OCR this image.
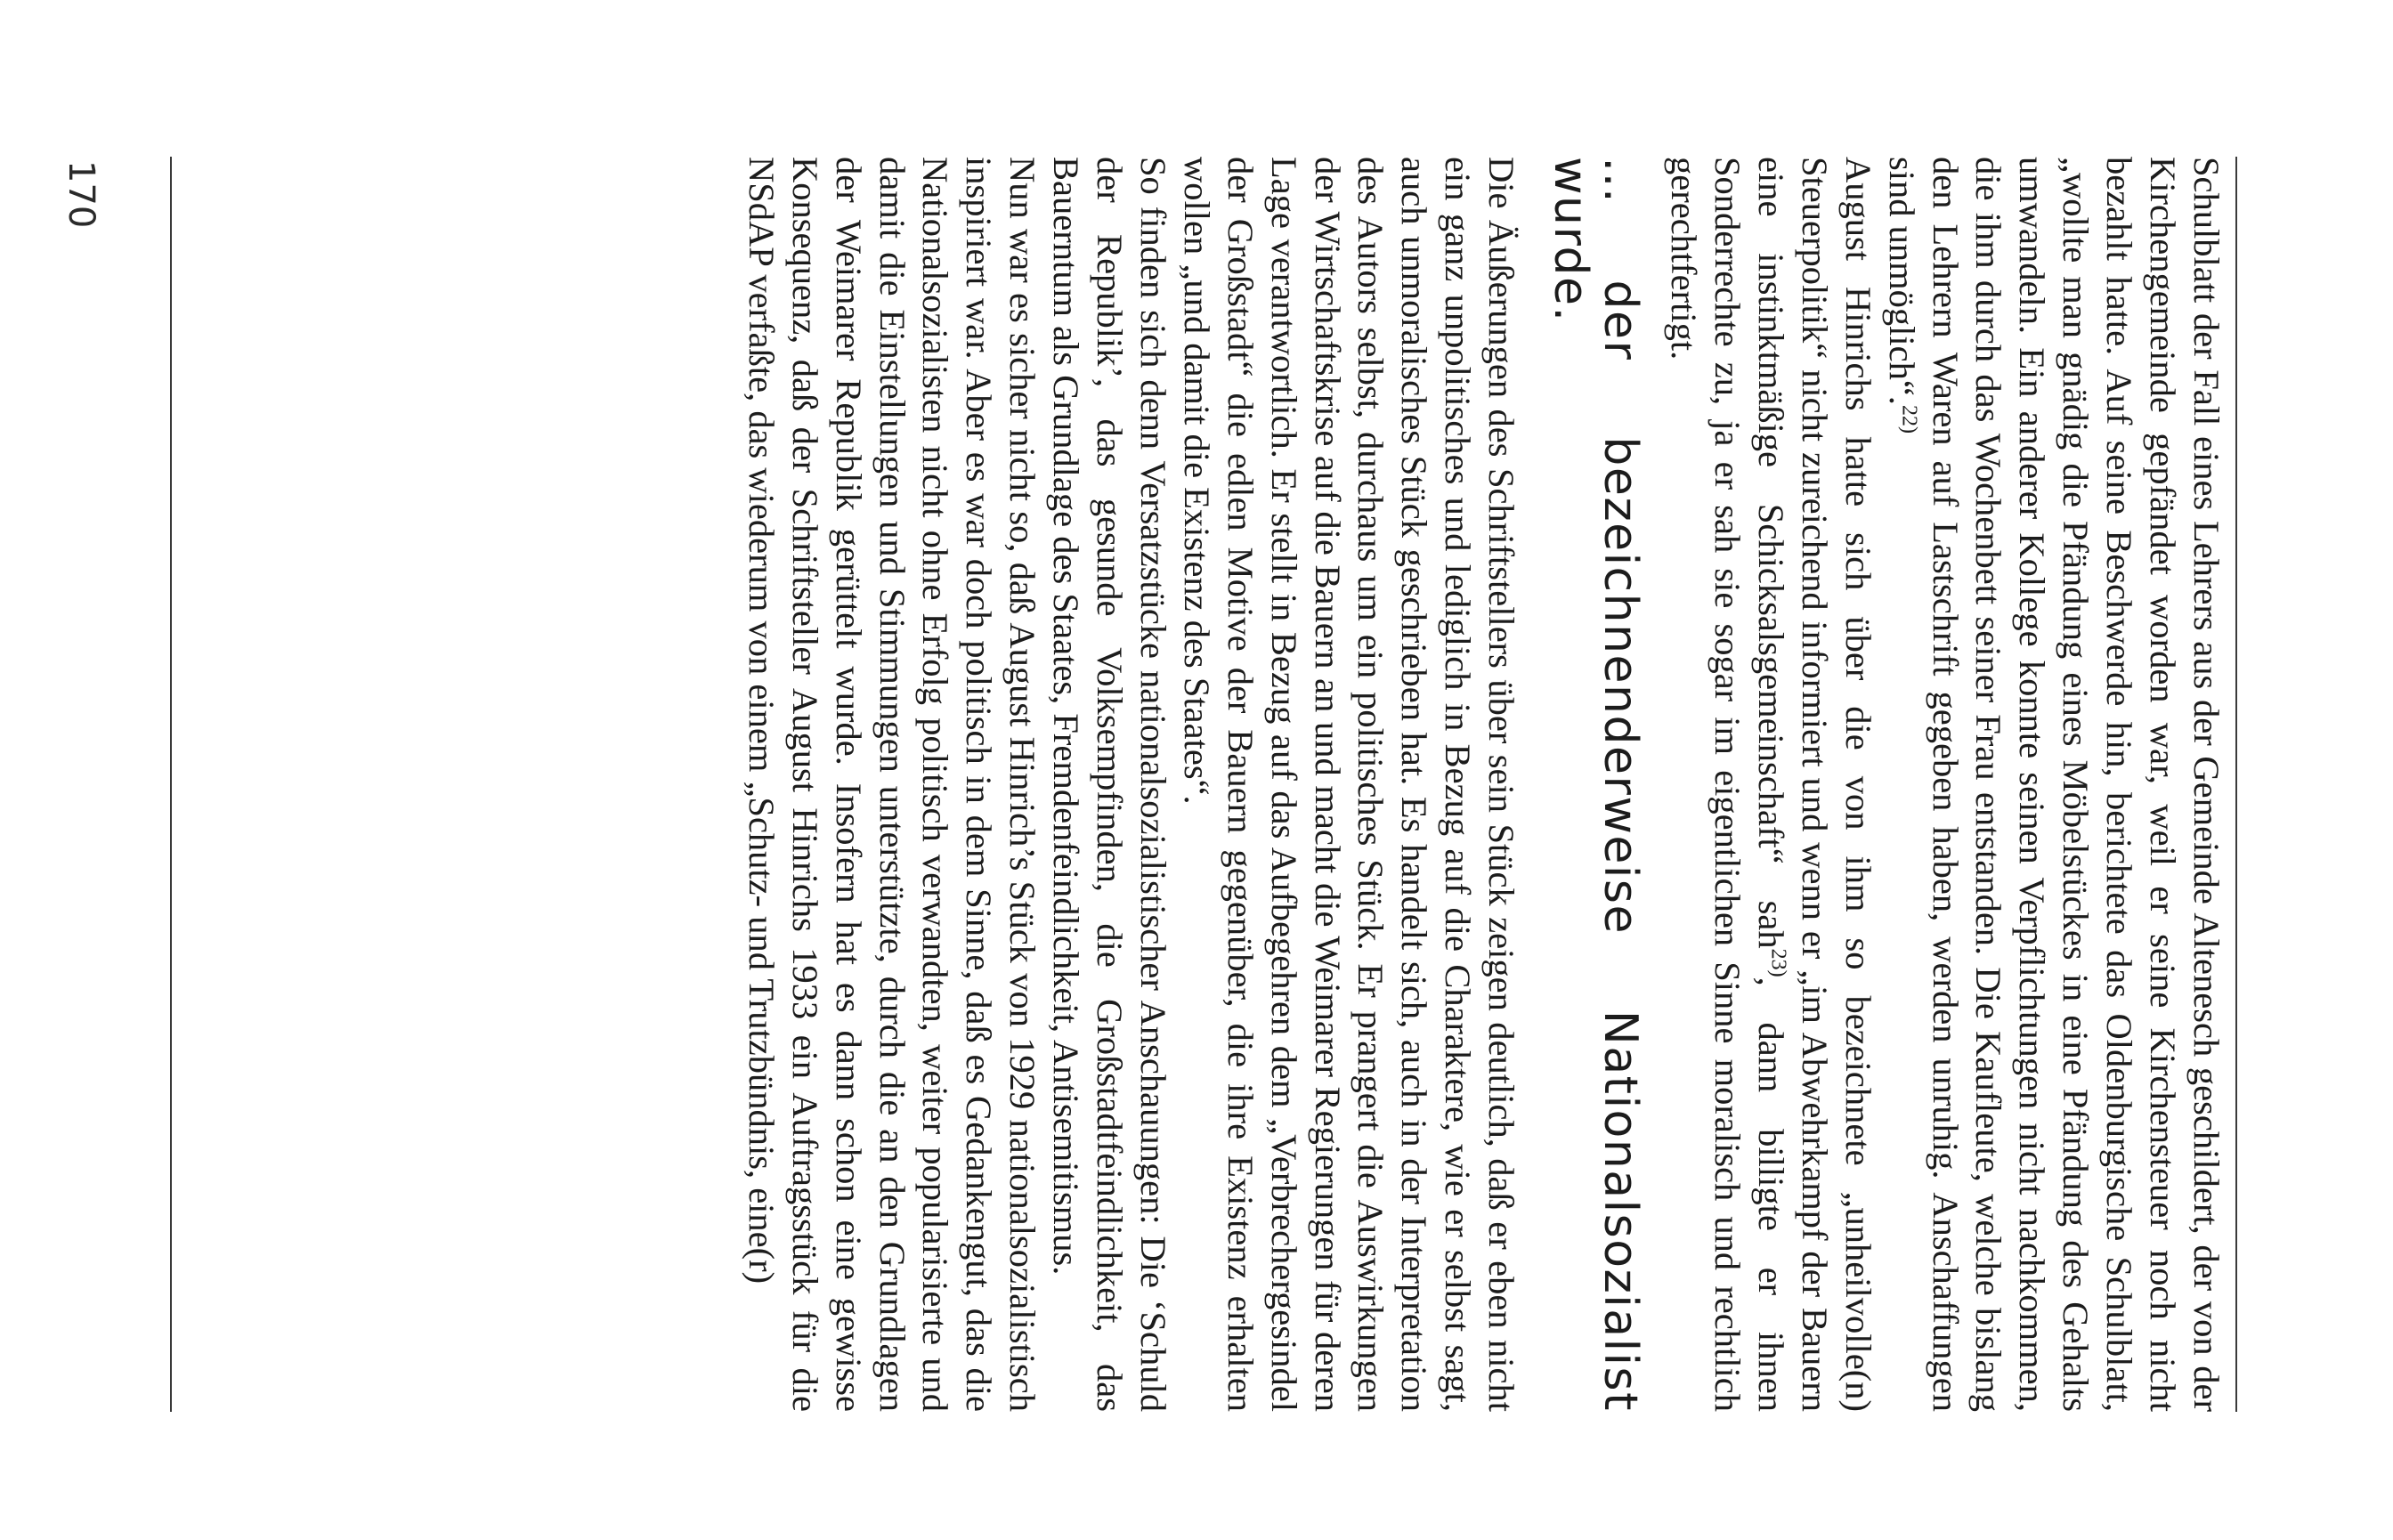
Schulblatt der Fall eines Lehrers aus der Gemeinde Altenesch geschildert, der von der Kirchengemeinde gepfändet worden war, weil er seine Kirchensteuer noch nicht bezahlt hatte. Auf seine Beschwerde hin, berichtete das Oldenburgische Schulblatt, „wollte man gnädig die Pfändung eines Möbelstückes in eine Pfändung des Gehalts umwandeln. Ein anderer Kollege konnte seinen Verpflichtungen nicht nachkommen, die ihm durch das Wochenbett seiner Frau entstanden. Die Kaufleute, welche bislang den Lehrern Waren auf Lastschrift gegeben haben, werden unruhig. Anschaffungen sind unmöglich“.$^{22)}$

August Hinrichs hatte sich über die von ihm so bezeichnete „unheilvolle(n) Steuerpolitik“ nicht zureichend informiert und wenn er „im Abwehrkampf der Bauern eine instinktmäßige Schicksalsgemeinschaft“ sah$^{23)}$, dann billigte er ihnen Sonderrechte zu, ja er sah sie sogar im eigentlichen Sinne moralisch und rechtlich gerechtfertigt.

… der bezeichnenderweise Nationalsozialist wurde.

Die Äußerungen des Schriftstellers über sein Stück zeigen deutlich, daß er eben nicht ein ganz unpolitisches und lediglich in Bezug auf die Charaktere, wie er selbst sagt, auch unmoralisches Stück geschrieben hat. Es handelt sich, auch in der Interpretation des Autors selbst, durchaus um ein politisches Stück. Er prangert die Auswirkungen der Wirtschaftskrise auf die Bauern an und macht die Weimarer Regierungen für deren Lage verantwortlich. Er stellt in Bezug auf das Aufbegehren dem „Verbrechergesindel der Großstadt“ die edlen Motive der Bauern gegenüber, die ihre Existenz erhalten wollen „und damit die Existenz des Staates“.

So finden sich denn Versatzstücke nationalsozialistischer Anschauungen: Die ‘Schuld der Republik’, das gesunde Volksempfinden, die Großstadtfeindlichkeit, das Bauerntum als Grundlage des Staates, Fremdenfeindlichkeit, Antisemitismus.

Nun war es sicher nicht so, daß August Hinrich’s Stück von 1929 nationalsozialistisch inspiriert war. Aber es war doch politisch in dem Sinne, daß es Gedankengut, das die Nationalsozialisten nicht ohne Erfolg politisch verwandten, weiter popularisierte und damit die Einstellungen und Stimmungen unterstützte, durch die an den Grundlagen der Weimarer Republik gerüttelt wurde. Insofern hat es dann schon eine gewisse Konsequenz, daß der Schriftsteller August Hinrichs 1933 ein Auftragsstück für die NSdAP verfaßte, das wiederum von einem „Schutz- und Trutzbündnis, eine(r)

170
